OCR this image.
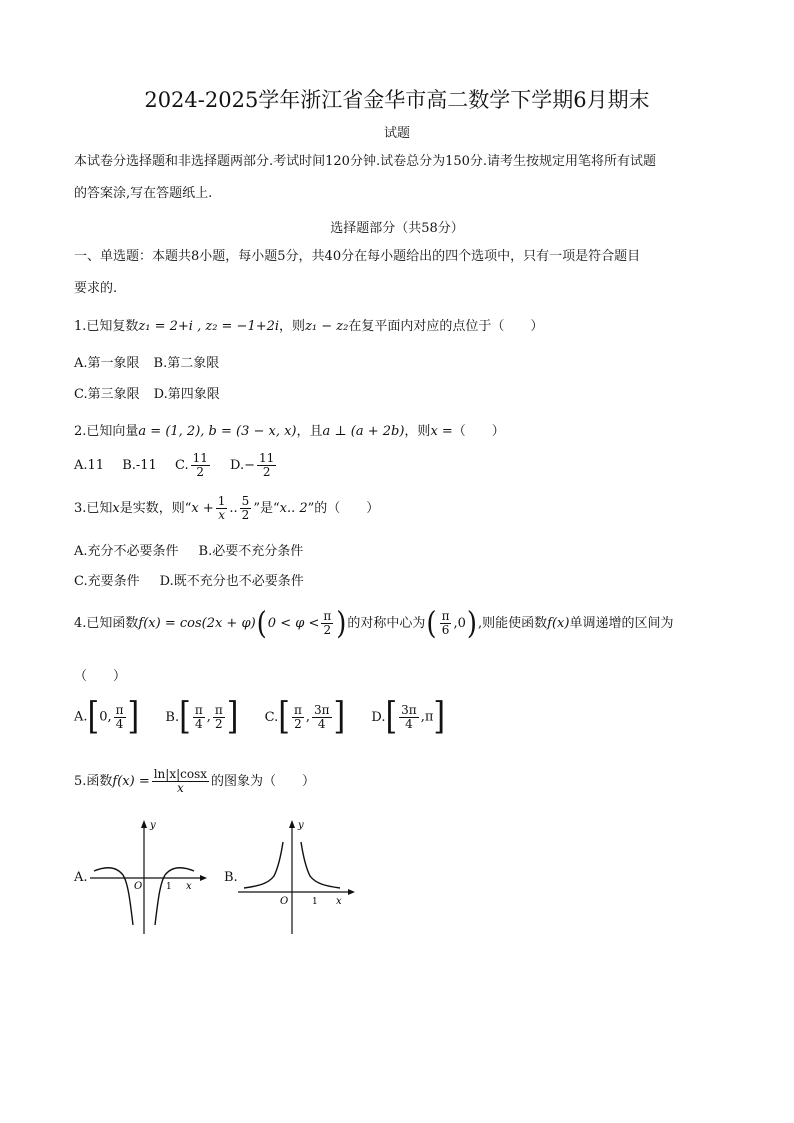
2024-2025学年浙江省金华市高二数学下学期6月期末
试题
本试卷分选择题和非选择题两部分.考试时间120分钟.试卷总分为150分.请考生按规定用笔将所有试题
的答案涂,写在答题纸上.
选择题部分（共58分）
一、单选题：本题共8小题，每小题5分，共40分在每小题给出的四个选项中，只有一项是符合题目
要求的.
1.已知复数z₁ = 2+i , z₂ = −1+2i，则z₁ − z₂在复平面内对应的点位于（　　）
A.第一象限 B.第二象限
C.第三象限 D.第四象限
2.已知向量a = (1, 2), b = (3 − x, x)，且a ⊥ (a + 2b)，则x =（　　）
A.11 B.-11 C. $\frac{11}{2} D.- \frac{11}{2}$
3.已知x是实数，则“$x + \frac{1}{x}$ .. $\frac{5}{2}$ ”是“x.. 2”的（　　）
A.充分不必要条件 B.必要不充分条件
C.充要条件 D.既不充分也不必要条件
4.已知函数$f(x) = \cos(2x + \varphi)(0 < \varphi < \frac{\pi}{2}$ )的对称中心为( $\frac{\pi}{6} ,0$),则能使函数f(x)单调递增的区间为
（　　）
A.[0, $\frac{\pi}{4}$ ] $B.[ \frac{\pi}{4}$ , $\frac{\pi}{2}$ ] $C.[ \frac{\pi}{2}$ , $\frac{3\pi}{4}$ ] $D.[ \frac{3\pi}{4} ,\pi]$
5.函数$f(x) = \frac{\ln|x|\cos x}{x}$ 的图象为（　　）
A.
y
O	1 x
B.
y
O	1 x
